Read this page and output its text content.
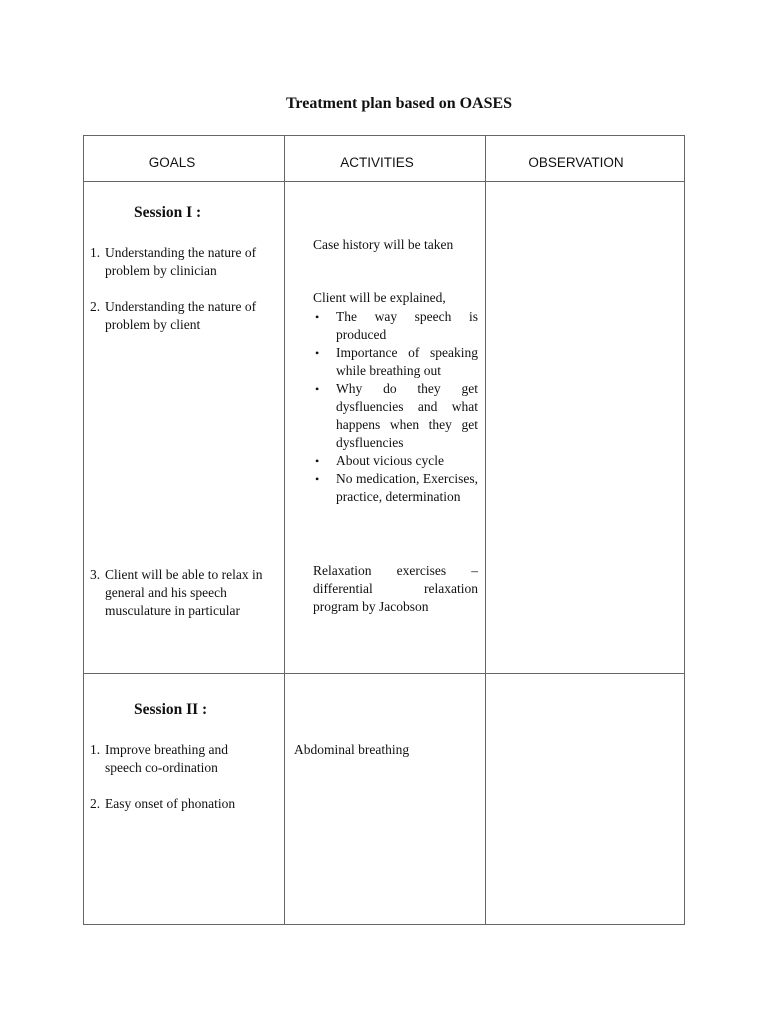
Treatment plan based on OASES
GOALS	ACTIVITIES	OBSERVATION
Session I :
1. Understanding the nature of problem by clinician
2. Understanding the nature of problem by client
3. Client will be able to relax in general and his speech musculature in particular
Case history will be taken
Client will be explained,
• The way speech is produced
• Importance of speaking while breathing out
• Why do they get dysfluencies and what happens when they get dysfluencies
• About vicious cycle
• No medication, Exercises, practice, determination
Relaxation exercises – differential relaxation program by Jacobson
Session II :
1. Improve breathing and speech co-ordination
2. Easy onset of phonation
Abdominal breathing
